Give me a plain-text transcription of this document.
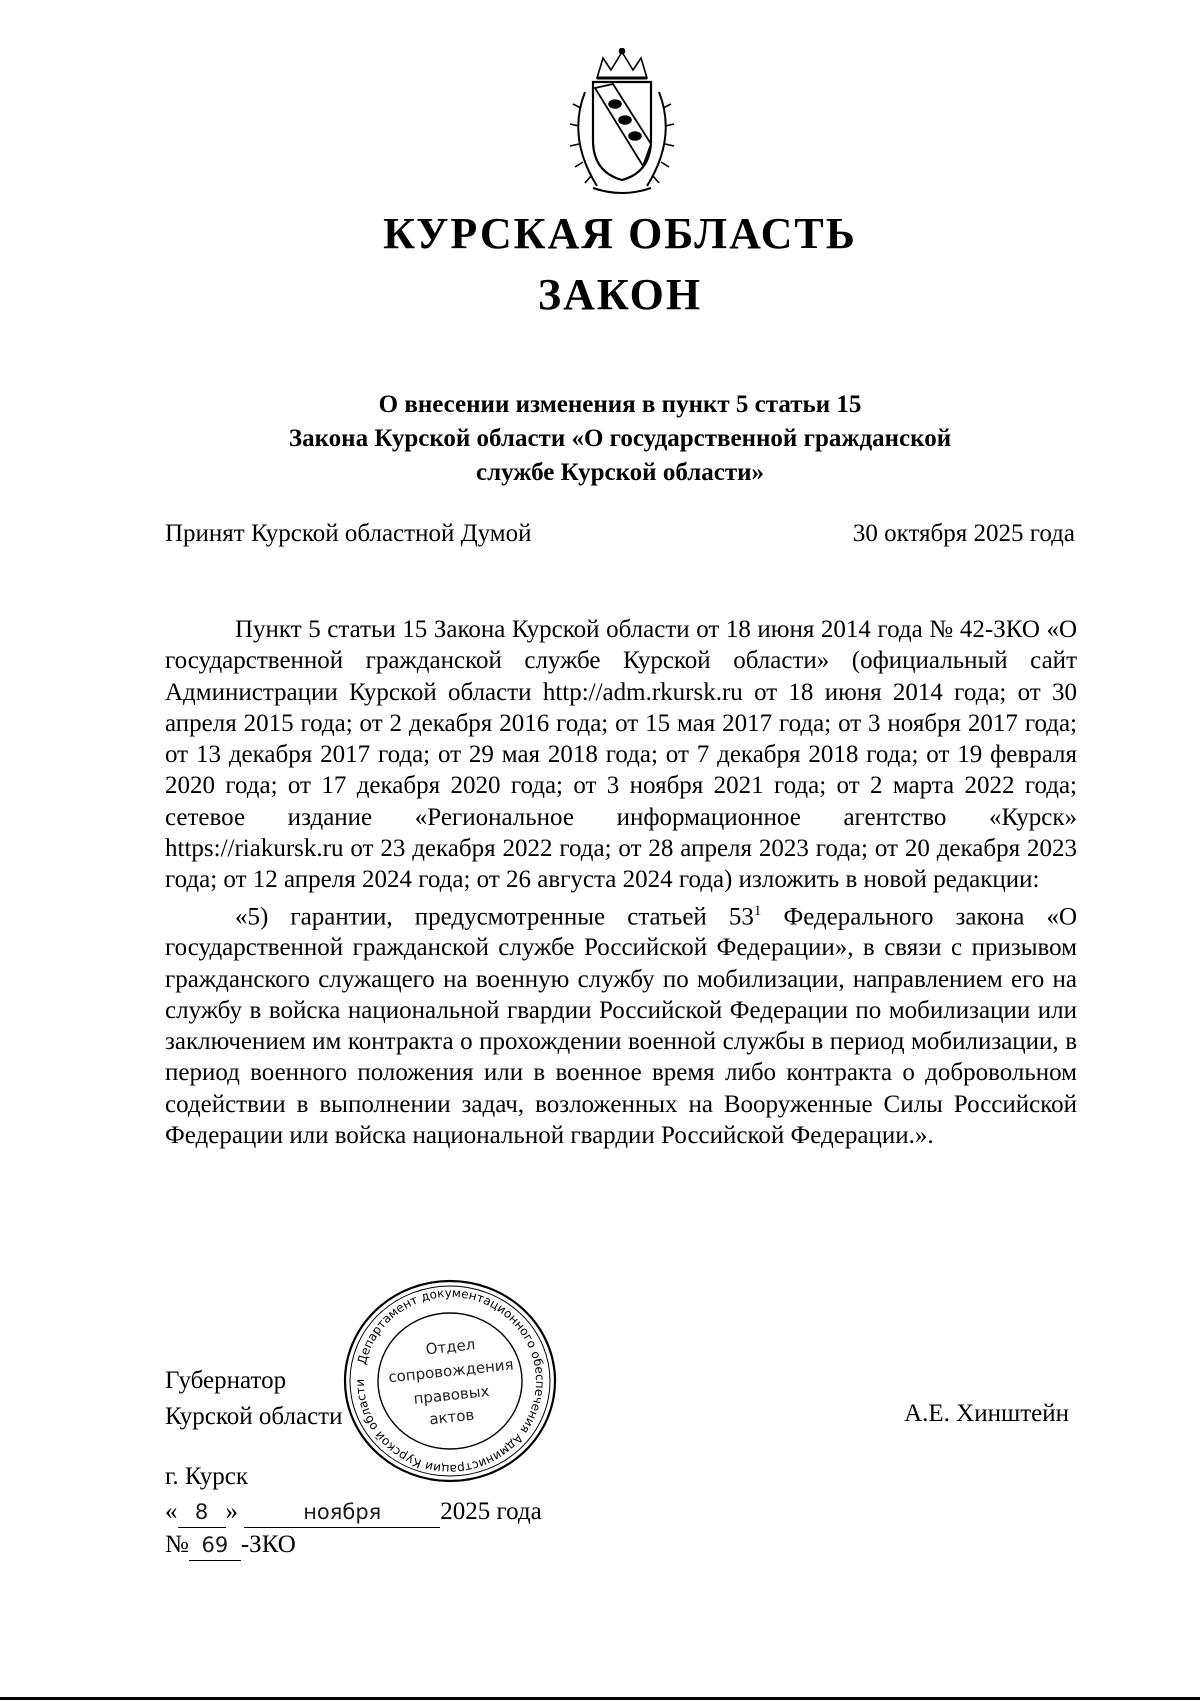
КУРСКАЯ ОБЛАСТЬ
ЗАКОН
О внесении изменения в пункт 5 статьи 15
Закона Курской области «О государственной гражданской
службе Курской области»
Принят Курской областной Думой	30 октября 2025 года

Пункт 5 статьи 15 Закона Курской области от 18 июня 2014 года № 42-ЗКО «О государственной гражданской службе Курской области» (официальный сайт Администрации Курской области http://adm.rkursk.ru от 18 июня 2014 года; от 30 апреля 2015 года; от 2 декабря 2016 года; от 15 мая 2017 года; от 3 ноября 2017 года; от 13 декабря 2017 года; от 29 мая 2018 года; от 7 декабря 2018 года; от 19 февраля 2020 года; от 17 декабря 2020 года; от 3 ноября 2021 года; от 2 марта 2022 года; сетевое издание «Региональное информационное агентство «Курск» https://riakursk.ru от 23 декабря 2022 года; от 28 апреля 2023 года; от 20 декабря 2023 года; от 12 апреля 2024 года; от 26 августа 2024 года) изложить в новой редакции:

«5) гарантии, предусмотренные статьей $53^1$ Федерального закона «О государственной гражданской службе Российской Федерации», в связи с призывом гражданского служащего на военную службу по мобилизации, направлением его на службу в войска национальной гвардии Российской Федерации по мобилизации или заключением им контракта о прохождении военной службы в период мобилизации, в период военного положения или в военное время либо контракта о добровольном содействии в выполнении задач, возложенных на Вооруженные Силы Российской Федерации или войска национальной гвардии Российской Федерации.».

Губернатор
Курской области	А.Е. Хинштейн
Департамент документационного обеспечения Администрации Курской области
Отдел
сопровождения
правовых
актов
г. Курск
« 8 »	ноября 2025 года
№ 69 -ЗКО
